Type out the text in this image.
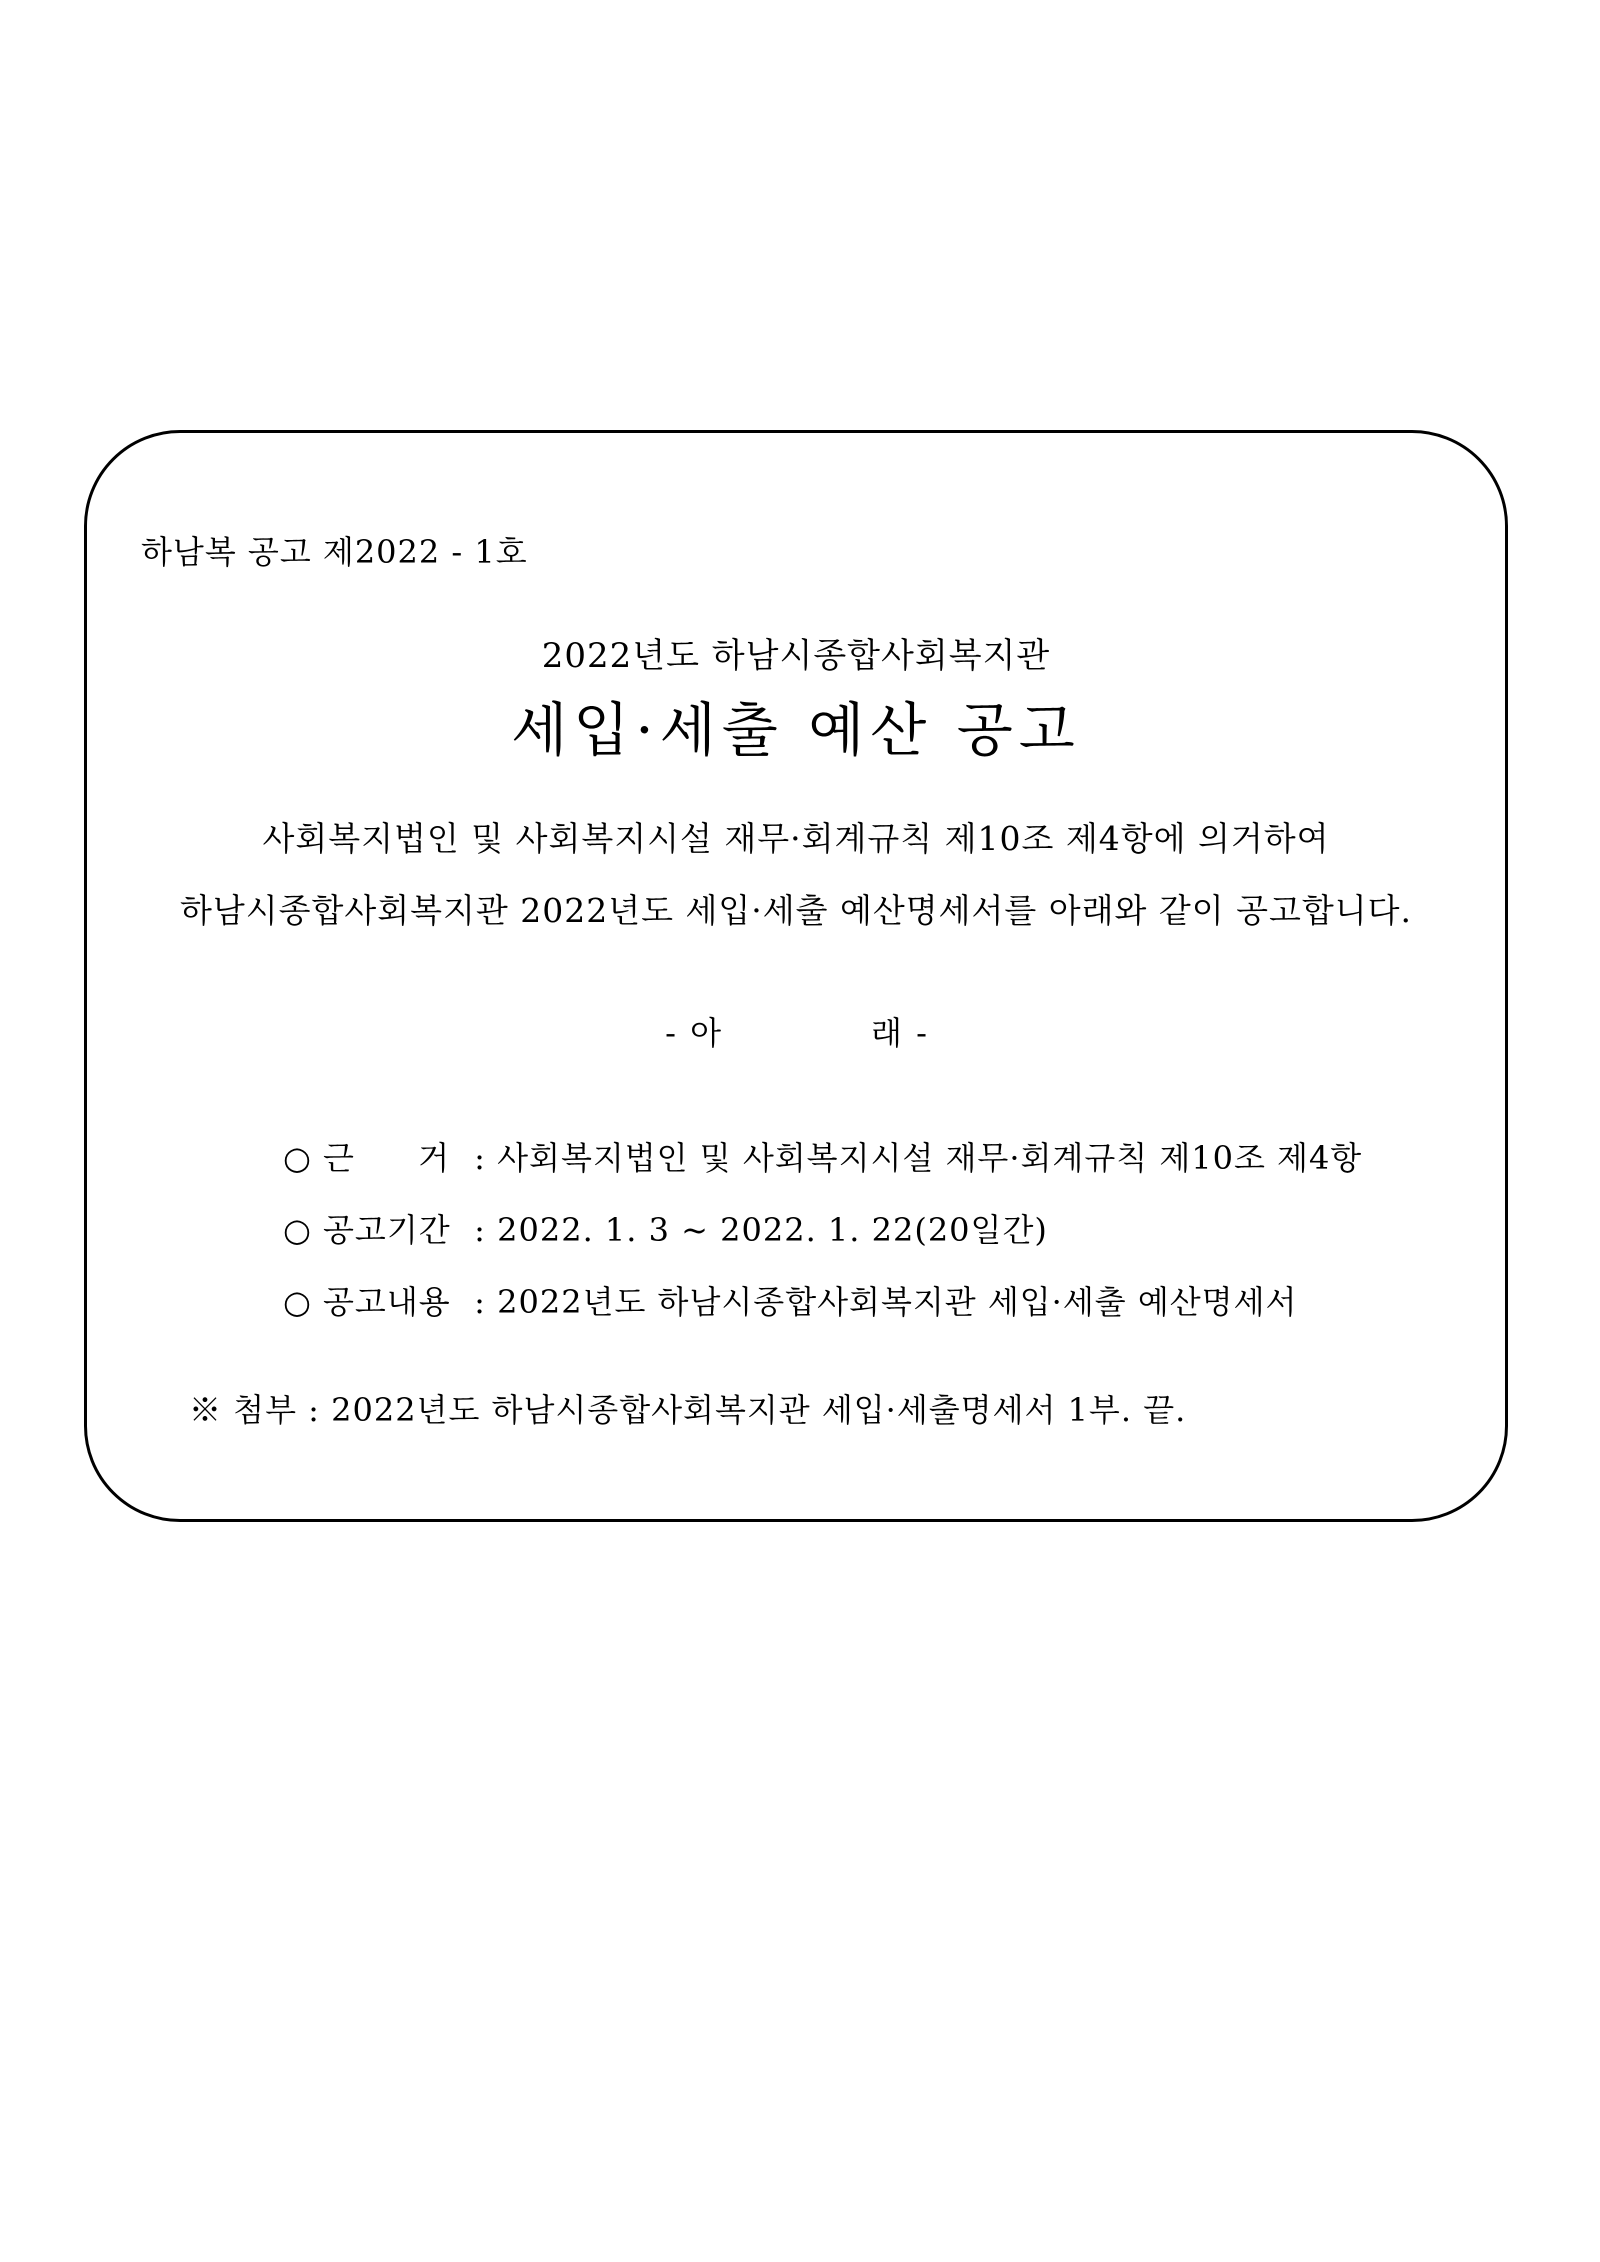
하남복 공고 제2022 - 1호
2022년도 하남시종합사회복지관
세입·세출 예산 공고
사회복지법인 및 사회복지시설 재무·회계규칙 제10조 제4항에 의거하여
하남시종합사회복지관 2022년도 세입·세출 예산명세서를 아래와 같이 공고합니다.
- 아	래 -
○ 근 거 : 사회복지법인 및 사회복지시설 재무·회계규칙 제10조 제4항
○ 공고기간 : 2022. 1. 3 ~ 2022. 1. 22(20일간)
○ 공고내용 : 2022년도 하남시종합사회복지관 세입·세출 예산명세서
※ 첨부 : 2022년도 하남시종합사회복지관 세입·세출명세서 1부. 끝.
